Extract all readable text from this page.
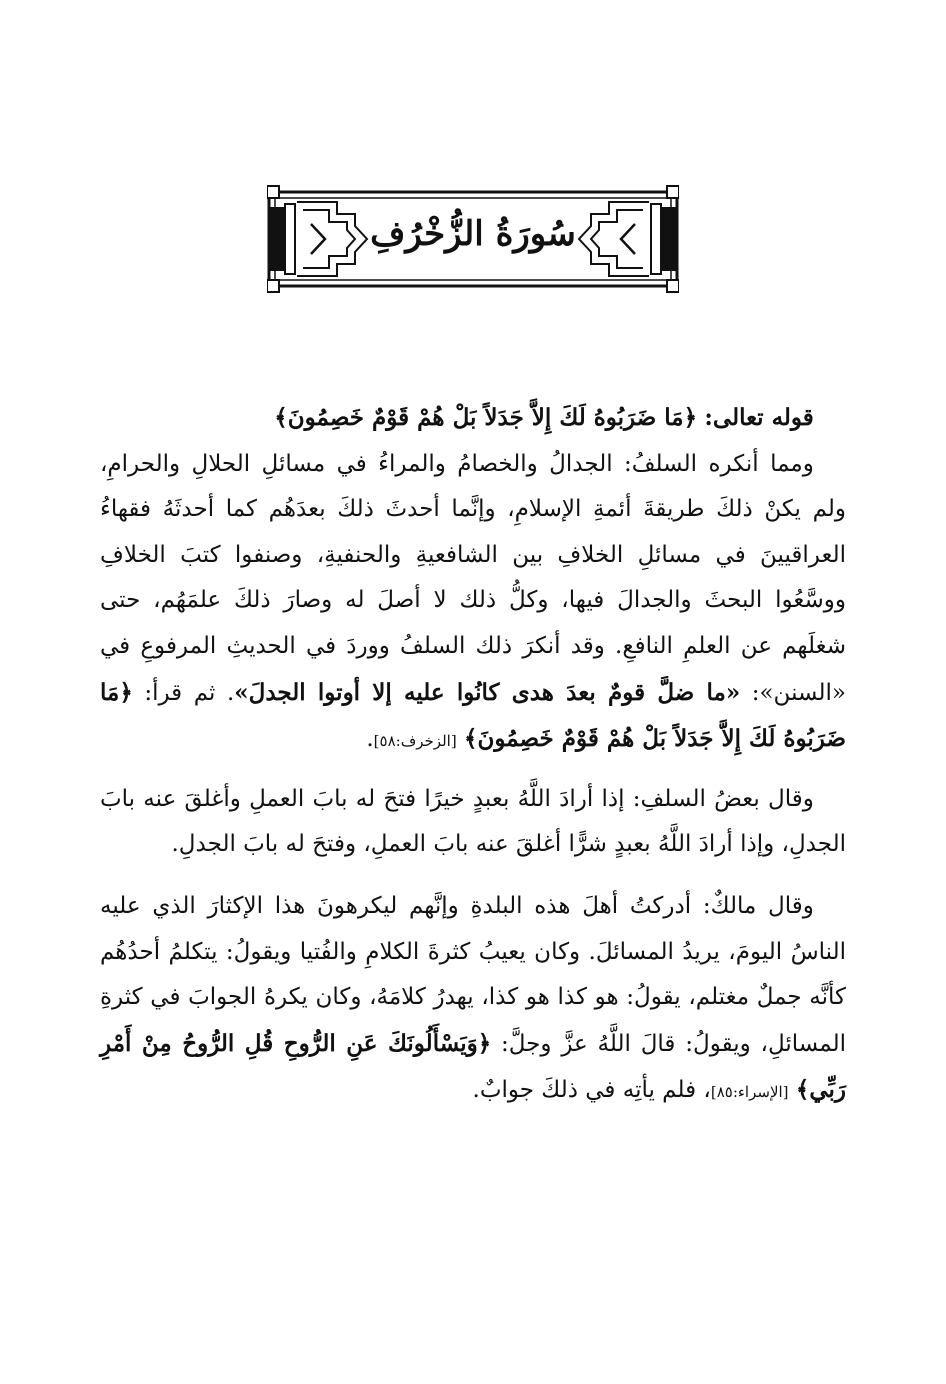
سُورَةُ الزُّخْرُفِ

قوله تعالى: ﴿مَا ضَرَبُوهُ لَكَ إِلاَّ جَدَلاً بَلْ هُمْ قَوْمٌ خَصِمُونَ﴾

ومما أنكره السلفُ: الجدالُ والخصامُ والمراءُ في مسائلِ الحلالِ والحرامِ، ولم يكنْ ذلكَ طريقةَ أئمةِ الإسلامِ، وإنَّما أحدثَ ذلكَ بعدَهُم كما أحدثَهُ فقهاءُ العراقيينَ في مسائلِ الخلافِ بين الشافعيةِ والحنفيةِ، وصنفوا كتبَ الخلافِ ووسَّعُوا البحثَ والجدالَ فيها، وكلُّ ذلك لا أصلَ له وصارَ ذلكَ علمَهُم، حتى شغلَهم عن العلمِ النافعِ. وقد أنكرَ ذلك السلفُ ووردَ في الحديثِ المرفوعِ في «السنن»: «ما ضلَّ قومٌ بعدَ هدى كانُوا عليه إلا أوتوا الجدلَ». ثم قرأ: ﴿مَا ضَرَبُوهُ لَكَ إِلاَّ جَدَلاً بَلْ هُمْ قَوْمٌ خَصِمُونَ﴾ [الزخرف:٥٨].

وقال بعضُ السلفِ: إذا أرادَ اللَّهُ بعبدٍ خيرًا فتحَ له بابَ العملِ وأغلقَ عنه بابَ الجدلِ، وإذا أرادَ اللَّهُ بعبدٍ شرًّا أغلقَ عنه بابَ العملِ، وفتحَ له بابَ الجدلِ.

وقال مالكٌ: أدركتُ أهلَ هذه البلدةِ وإنَّهم ليكرهونَ هذا الإكثارَ الذي عليه الناسُ اليومَ، يريدُ المسائلَ. وكان يعيبُ كثرةَ الكلامِ والفُتيا ويقولُ: يتكلمُ أحدُهُم كأنَّه جملٌ مغتلم، يقولُ: هو كذا هو كذا، يهدرُ كلامَهُ، وكان يكرهُ الجوابَ في كثرةِ المسائلِ، ويقولُ: قالَ اللَّهُ عزَّ وجلَّ: ﴿وَيَسْأَلُونَكَ عَنِ الرُّوحِ قُلِ الرُّوحُ مِنْ أَمْرِ رَبِّي﴾ [الإسراء:٨٥]، فلم يأتِه في ذلكَ جوابٌ.
